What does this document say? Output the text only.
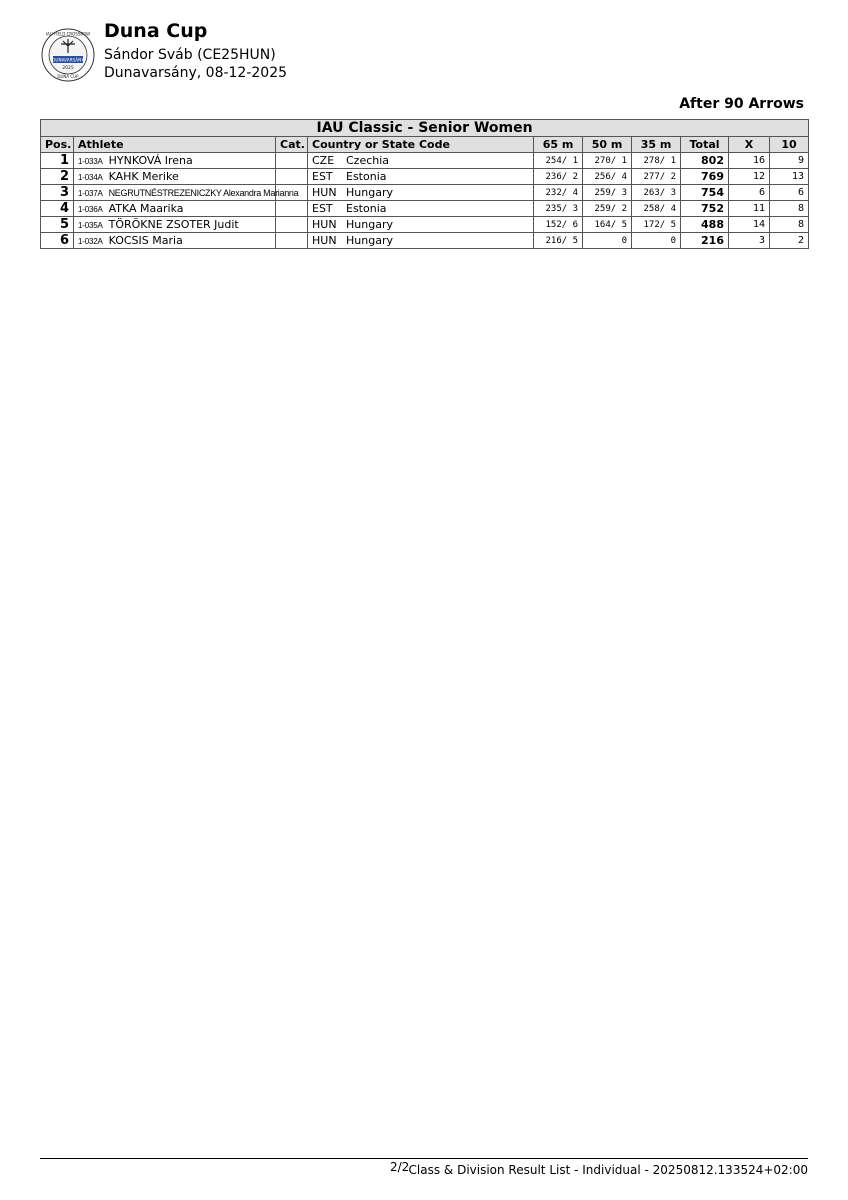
DUNAVARSÁNY
2025
IAU FIELD CROSSBOW
DUNA CUP
Duna Cup
Sándor Sváb (CE25HUN)
Dunavarsány, 08-12-2025
After 90 Arrows
IAU Classic - Senior Women									
Pos.	Athlete	Cat.	Country or State Code	65 m	50 m	35 m	Total	X	10
1	1-033A HYNKOVÁ Irena		CZE Czechia	254/ 1	270/ 1	278/ 1	802	16	9
2	1-034A KAHK Merike		EST Estonia	236/ 2	256/ 4	277/ 2	769	12	13
3	1-037A NEGRUTNÉSTREZENICZKY Alexandra Marianna		HUN Hungary	232/ 4	259/ 3	263/ 3	754	6	6
4	1-036A ATKA Maarika		EST Estonia	235/ 3	259/ 2	258/ 4	752	11	8
5	1-035A TÖRÖKNE ZSOTER Judit		HUN Hungary	152/ 6	164/ 5	172/ 5	488	14	8
6	1-032A KOCSIS Maria		HUN Hungary	216/ 5	0	0	216	3	2
2/2 Class & Division Result List - Individual - 20250812.133524+02:00
